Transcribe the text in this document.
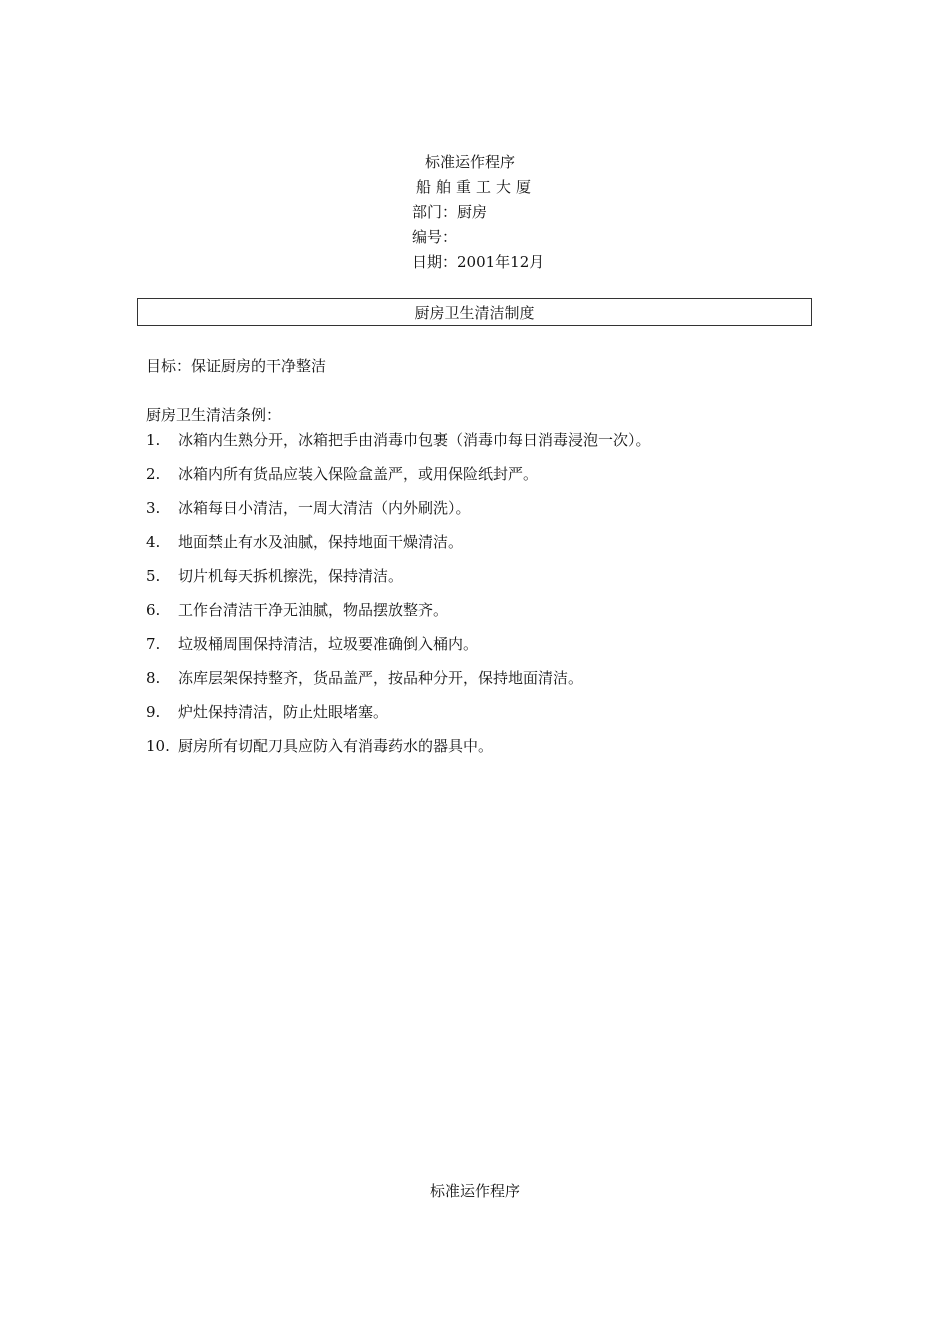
标准运作程序
船舶重工大厦
部门：厨房
编号：
日期：2001年12月
厨房卫生清洁制度
目标：保证厨房的干净整洁
厨房卫生清洁条例：
1.	冰箱内生熟分开，冰箱把手由消毒巾包裹（消毒巾每日消毒浸泡一次）。
2.	冰箱内所有货品应装入保险盒盖严，或用保险纸封严。
3.	冰箱每日小清洁，一周大清洁（内外刷洗）。
4.	地面禁止有水及油腻，保持地面干燥清洁。
5.	切片机每天拆机擦洗，保持清洁。
6.	工作台清洁干净无油腻，物品摆放整齐。
7.	垃圾桶周围保持清洁，垃圾要准确倒入桶内。
8.	冻库层架保持整齐，货品盖严，按品种分开，保持地面清洁。
9.	炉灶保持清洁，防止灶眼堵塞。
10. 厨房所有切配刀具应防入有消毒药水的器具中。
标准运作程序
